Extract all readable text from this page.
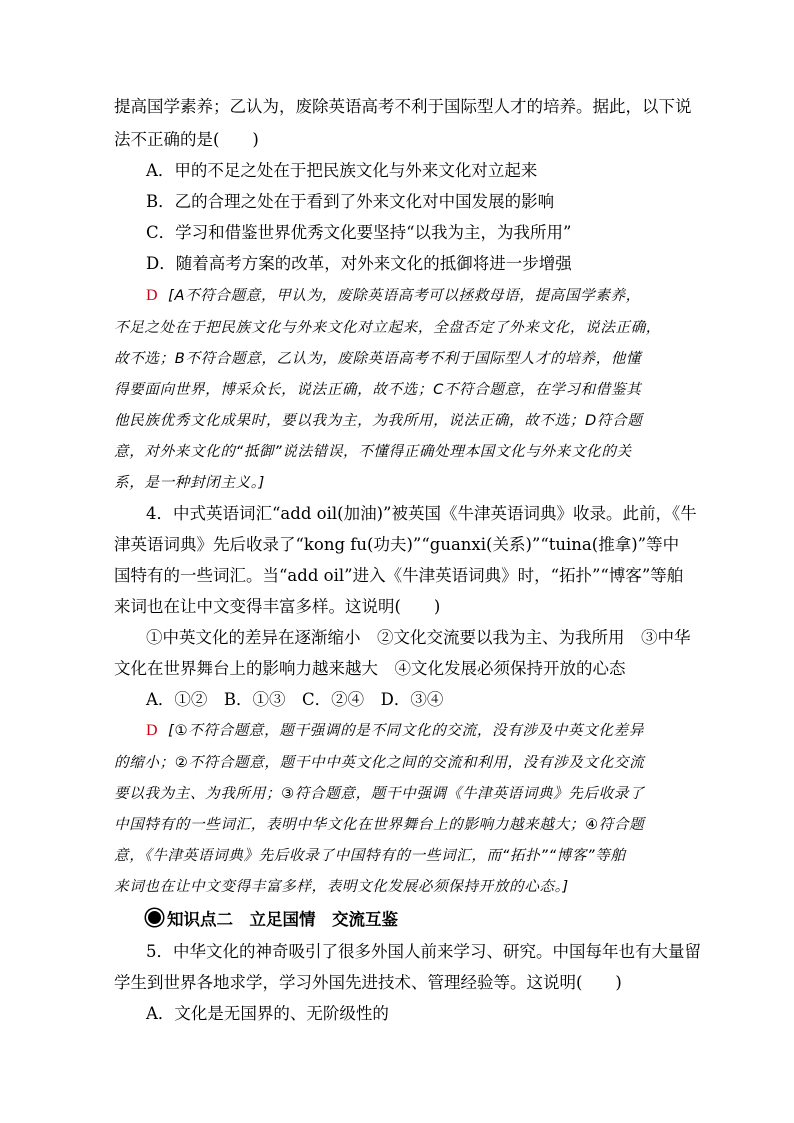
提高国学素养；乙认为，废除英语高考不利于国际型人才的培养。据此，以下说
法不正确的是(　　)
A．甲的不足之处在于把民族文化与外来文化对立起来
B．乙的合理之处在于看到了外来文化对中国发展的影响
C．学习和借鉴世界优秀文化要坚持“以我为主，为我所用”
D．随着高考方案的改革，对外来文化的抵御将进一步增强
D [A不符合题意，甲认为，废除英语高考可以拯救母语，提高国学素养，
不足之处在于把民族文化与外来文化对立起来，全盘否定了外来文化，说法正确，
故不选；B不符合题意，乙认为，废除英语高考不利于国际型人才的培养，他懂
得要面向世界，博采众长，说法正确，故不选；C不符合题意，在学习和借鉴其
他民族优秀文化成果时，要以我为主，为我所用，说法正确，故不选；D符合题
意，对外来文化的“抵御”说法错误，不懂得正确处理本国文化与外来文化的关
系，是一种封闭主义。]
4．中式英语词汇“add oil(加油)”被英国《牛津英语词典》收录。此前，《牛
津英语词典》先后收录了“kong fu(功夫)”“guanxi(关系)”“tuina(推拿)”等中
国特有的一些词汇。当“add oil”进入《牛津英语词典》时，“拓扑”“博客”等舶
来词也在让中文变得丰富多样。这说明(　　)
①中英文化的差异在逐渐缩小　②文化交流要以我为主、为我所用　③中华
文化在世界舞台上的影响力越来越大　④文化发展必须保持开放的心态
A．①②　B．①③　C．②④　D．③④
D [①不符合题意，题干强调的是不同文化的交流，没有涉及中英文化差异
的缩小；②不符合题意，题干中中英文化之间的交流和利用，没有涉及文化交流
要以我为主、为我所用；③符合题意，题干中强调《牛津英语词典》先后收录了
中国特有的一些词汇，表明中华文化在世界舞台上的影响力越来越大；④符合题
意，《牛津英语词典》先后收录了中国特有的一些词汇，而“拓扑”“博客”等舶
来词也在让中文变得丰富多样，表明文化发展必须保持开放的心态。]
知识点二　立足国情　交流互鉴
5．中华文化的神奇吸引了很多外国人前来学习、研究。中国每年也有大量留
学生到世界各地求学，学习外国先进技术、管理经验等。这说明(　　)
A．文化是无国界的、无阶级性的
